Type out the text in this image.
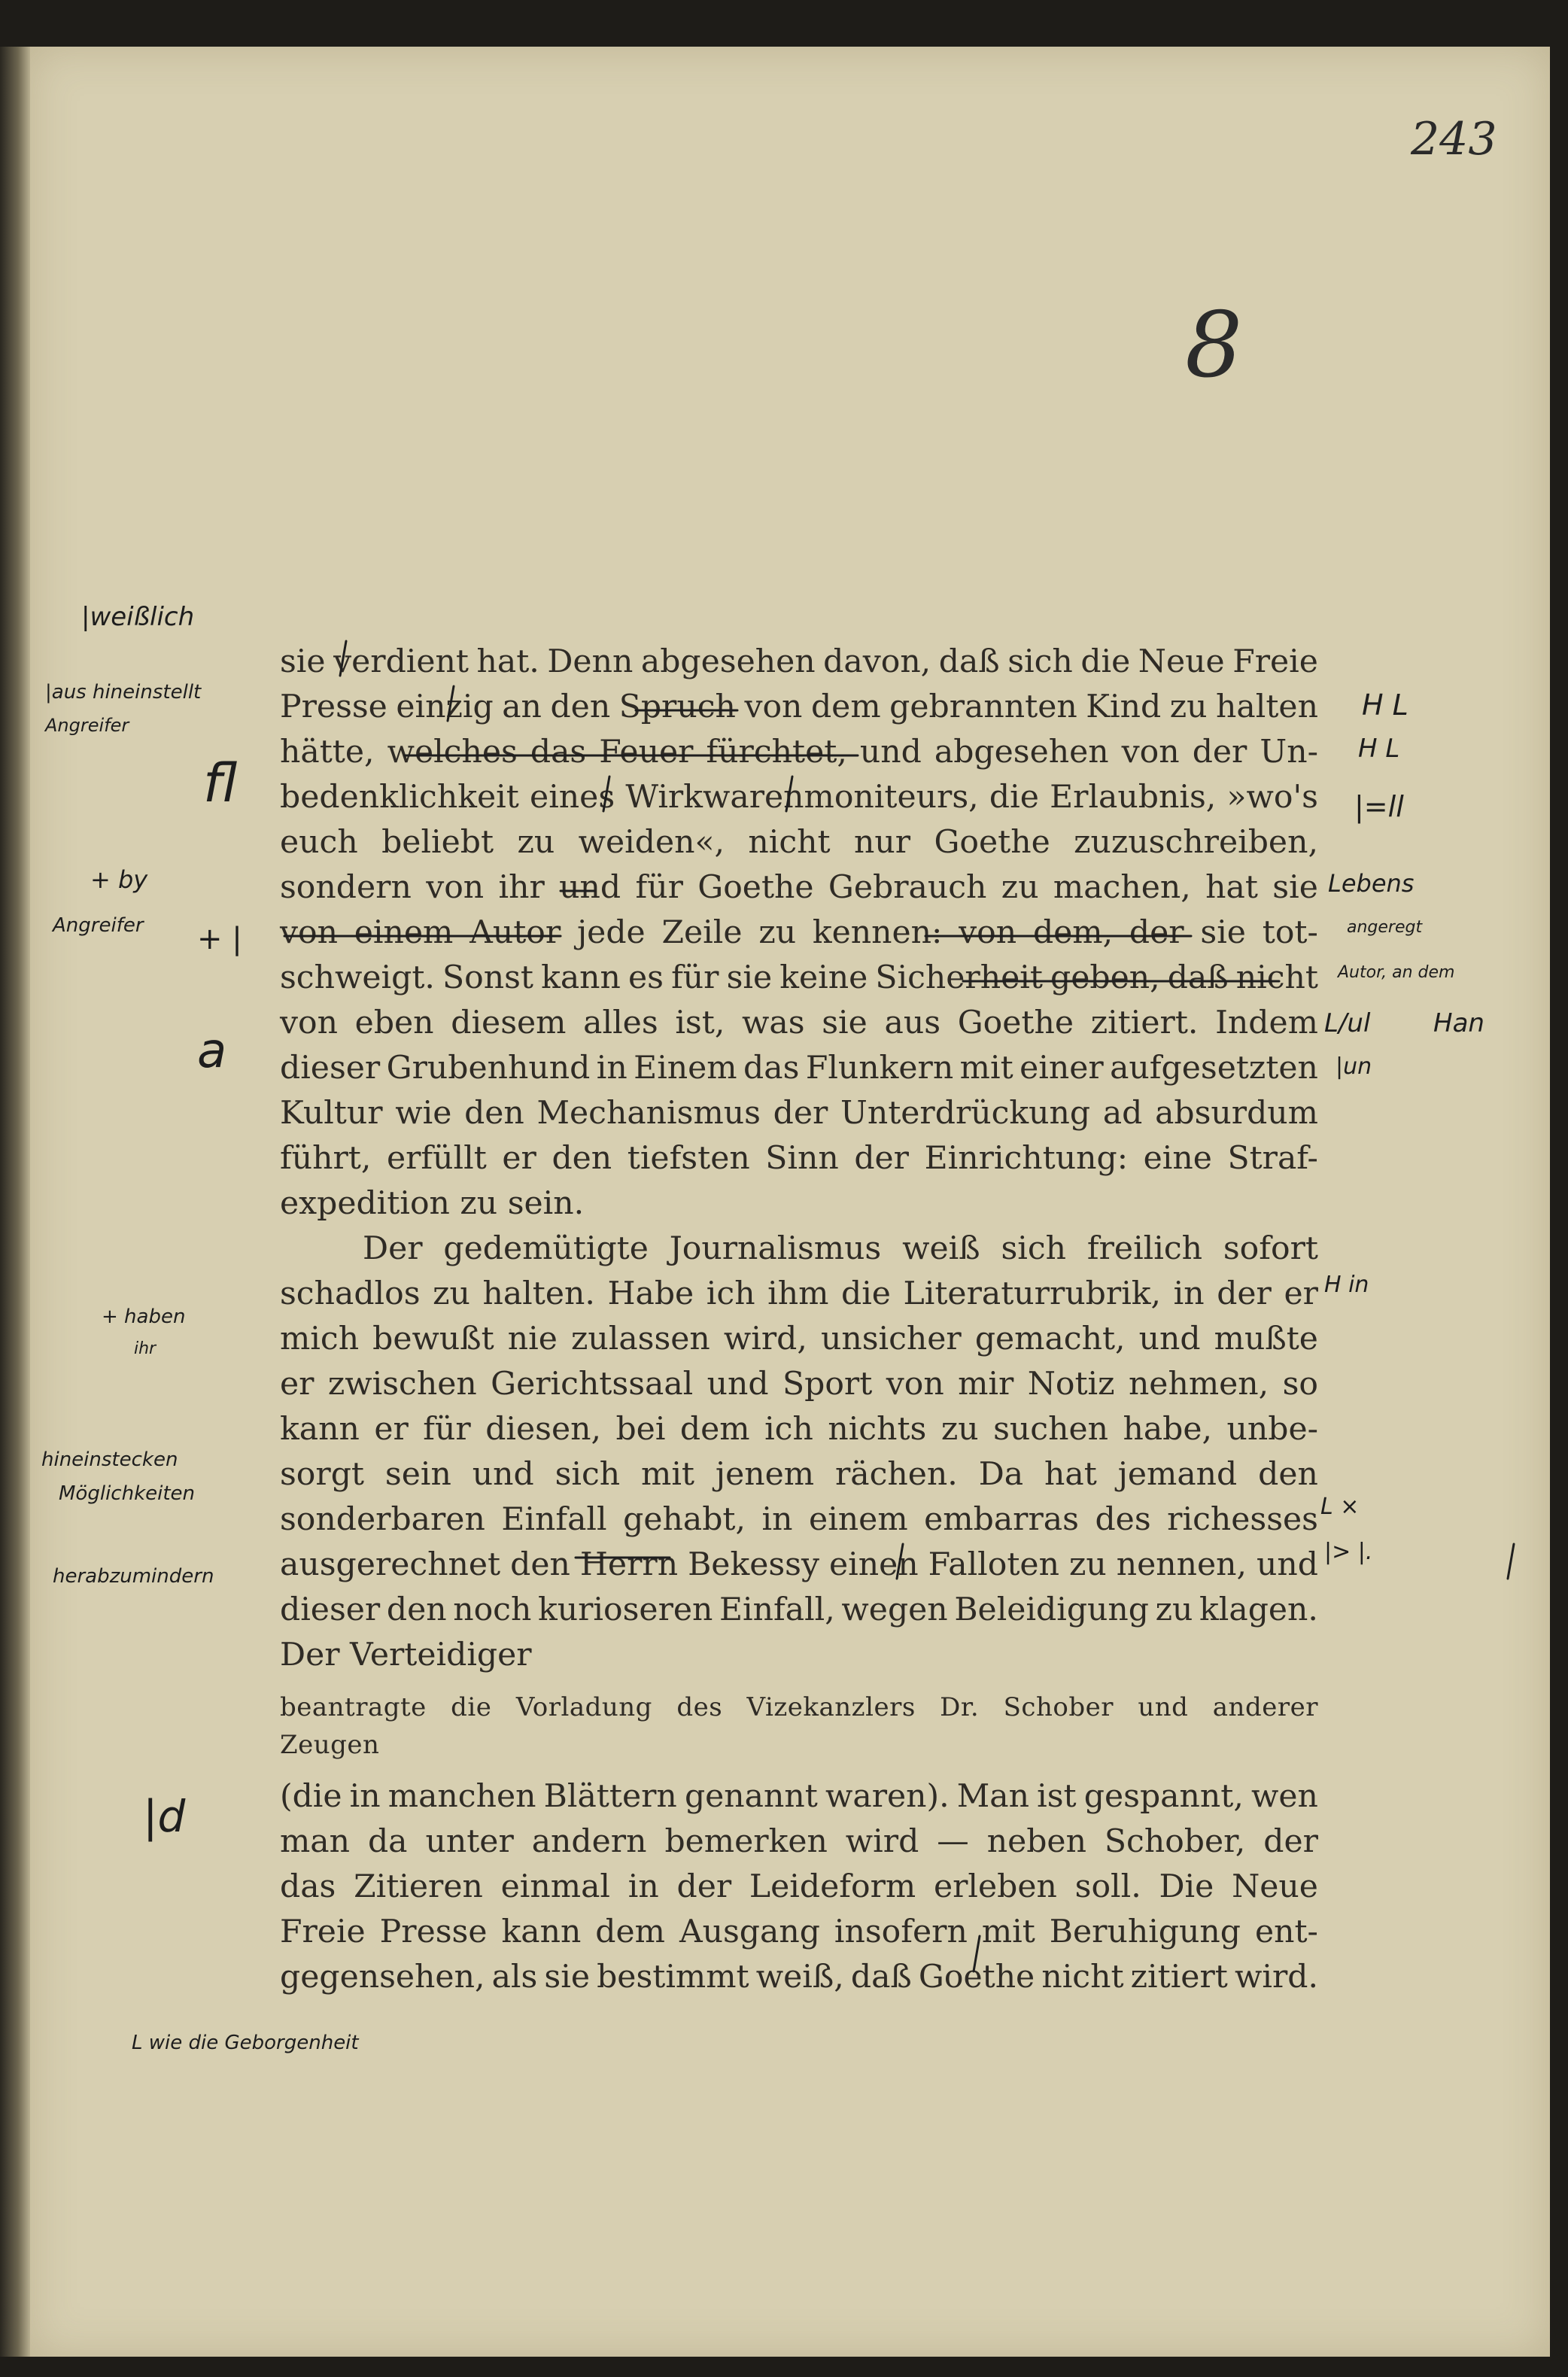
243
8
sie verdient hat. Denn abgesehen davon, daß sich die Neue Freie
Presse einzig an den Spruch von dem gebrannten Kind zu halten
hätte, welches das Feuer fürchtet, und abgesehen von der Un-
bedenklichkeit eines Wirkwarenmoniteurs, die Erlaubnis, »wo's
euch beliebt zu weiden«, nicht nur Goethe zuzuschreiben,
sondern von ihr und für Goethe Gebrauch zu machen, hat sie
von einem Autor jede Zeile zu kennen: von dem, der sie tot-
schweigt. Sonst kann es für sie keine Sicherheit geben, daß nicht
von eben diesem alles ist, was sie aus Goethe zitiert. Indem
dieser Grubenhund in Einem das Flunkern mit einer aufgesetzten
Kultur wie den Mechanismus der Unterdrückung ad absurdum
führt, erfüllt er den tiefsten Sinn der Einrichtung: eine Straf-
expedition zu sein.
Der gedemütigte Journalismus weiß sich freilich sofort
schadlos zu halten. Habe ich ihm die Literaturrubrik, in der er
mich bewußt nie zulassen wird, unsicher gemacht, und mußte
er zwischen Gerichtssaal und Sport von mir Notiz nehmen, so
kann er für diesen, bei dem ich nichts zu suchen habe, unbe-
sorgt sein und sich mit jenem rächen. Da hat jemand den
sonderbaren Einfall gehabt, in einem embarras des richesses
ausgerechnet den Herrn Bekessy einen Falloten zu nennen, und
dieser den noch kurioseren Einfall, wegen Beleidigung zu klagen.
Der Verteidiger
beantragte die Vorladung des Vizekanzlers Dr. Schober und anderer
Zeugen
(die in manchen Blättern genannt waren). Man ist gespannt, wen
man da unter andern bemerken wird — neben Schober, der
das Zitieren einmal in der Leideform erleben soll. Die Neue
Freie Presse kann dem Ausgang insofern mit Beruhigung ent-
gegensehen, als sie bestimmt weiß, daß Goethe nicht zitiert wird.
|weißlich
|aus hineinstellt
Angreifer
fl
+ by
Angreifer + |
a
+ haben
ihr
hineinstecken
Möglichkeiten
herabzumindern
|d
L wie die Geborgenheit
H L
H L
|=ll
Lebens
angeregt
Autor, an dem
L/ul Han
|un
H in
L ×
|> |.
